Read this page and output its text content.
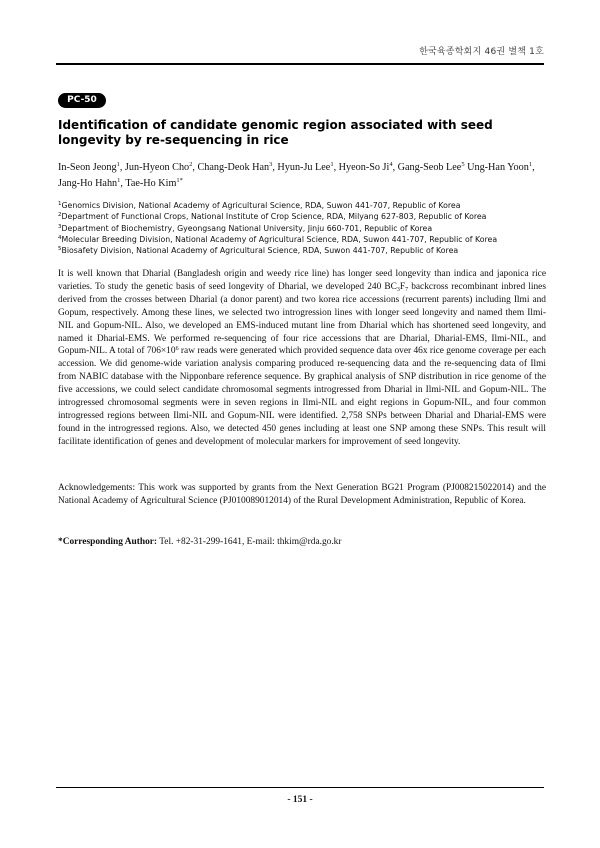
한국육종학회지 46권 별책 1호
PC-50
Identification of candidate genomic region associated with seed longevity by re-sequencing in rice
In-Seon Jeong$^1$, Jun-Hyeon Cho$^2$, Chang-Deok Han$^3$, Hyun-Ju Lee$^1$, Hyeon-So Ji$^4$, Gang-Seob Lee$^5$ Ung-Han Yoon$^1$,
Jang-Ho Hahn$^1$, Tae-Ho Kim$^{1*}$
$^1$Genomics Division, National Academy of Agricultural Science, RDA, Suwon 441-707, Republic of Korea
$^2$Department of Functional Crops, National Institute of Crop Science, RDA, Milyang 627-803, Republic of Korea
$^3$Department of Biochemistry, Gyeongsang National University, Jinju 660-701, Republic of Korea
$^4$Molecular Breeding Division, National Academy of Agricultural Science, RDA, Suwon 441-707, Republic of Korea
$^5$Biosafety Division, National Academy of Agricultural Science, RDA, Suwon 441-707, Republic of Korea

It is well known that Dharial (Bangladesh origin and weedy rice line) has longer seed longevity than indica and japonica rice varieties. To study the genetic basis of seed longevity of Dharial, we developed 240 $BC_3F_7$ backcross recombinant inbred lines derived from the crosses between Dharial (a donor parent) and two korea rice accessions (recurrent parents) including Ilmi and Gopum, respectively. Among these lines, we selected two introgression lines with longer seed longevity and named them Ilmi-NIL and Gopum-NIL. Also, we developed an EMS-induced mutant line from Dharial which has shortened seed longevity, and named it Dharial-EMS. We performed re-sequencing of four rice accessions that are Dharial, Dharial-EMS, Ilmi-NIL, and Gopum-NIL. A total of $706\times 10^6$ raw reads were generated which provided sequence data over 46x rice genome coverage per each accession. We did genome-wide variation analysis comparing produced re-sequencing data and the re-sequencing data of Ilmi from NABIC database with the Nipponbare reference sequence. By graphical analysis of SNP distribution in rice genome of the five accessions, we could select candidate chromosomal segments introgressed from Dharial in Ilmi-NIL and Gopum-NIL. The introgressed chromosomal segments were in seven regions in Ilmi-NIL and eight regions in Gopum-NIL, and four common introgressed regions between Ilmi-NIL and Gopum-NIL were identified. 2,758 SNPs between Dharial and Dharial-EMS were found in the introgressed regions. Also, we detected 450 genes including at least one SNP among these SNPs. This result will facilitate identification of genes and development of molecular markers for improvement of seed longevity.

Acknowledgements: This work was supported by grants from the Next Generation BG21 Program (PJ008215022014) and the National Academy of Agricultural Science (PJ010089012014) of the Rural Development Administration, Republic of Korea.

*Corresponding Author: Tel. +82-31-299-1641, E-mail: thkim@rda.go.kr
- 151 -
